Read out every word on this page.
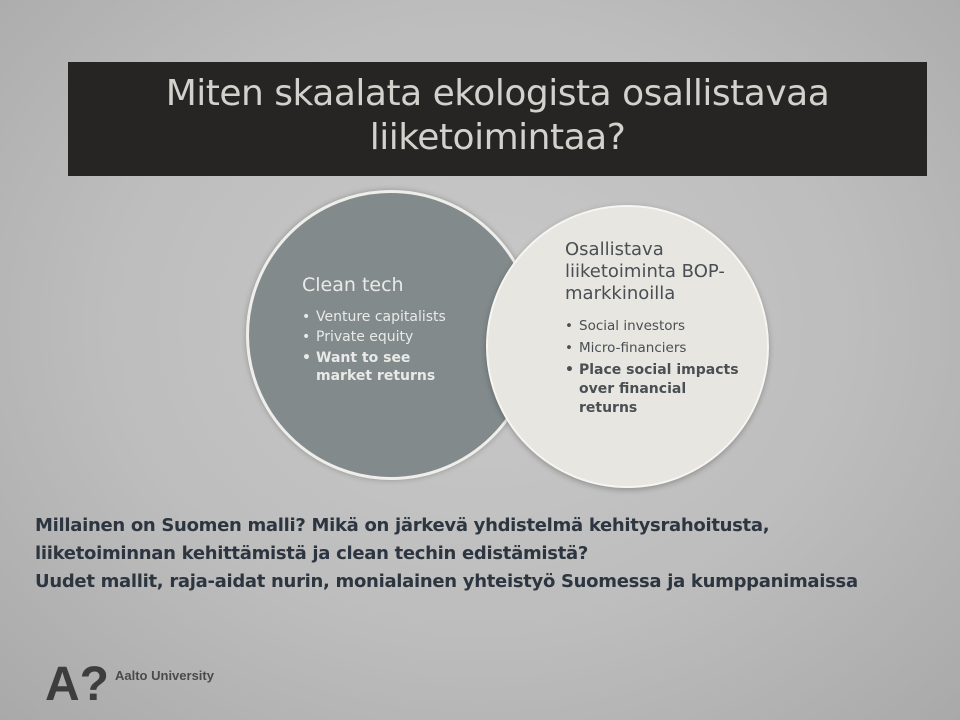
Miten skaalata ekologista osallistavaa liiketoimintaa?
Clean tech
• Venture capitalists
• Private equity
• Want to see market returns
Osallistava liiketoiminta BOP-markkinoilla
• Social investors
• Micro-financiers
• Place social impacts over financial returns
Millainen on Suomen malli? Mikä on järkevä yhdistelmä kehitysrahoitusta,
liiketoiminnan kehittämistä ja clean techin edistämistä?
Uudet mallit, raja-aidat nurin, monialainen yhteistyö Suomessa ja kumppanimaissa
A? Aalto University
